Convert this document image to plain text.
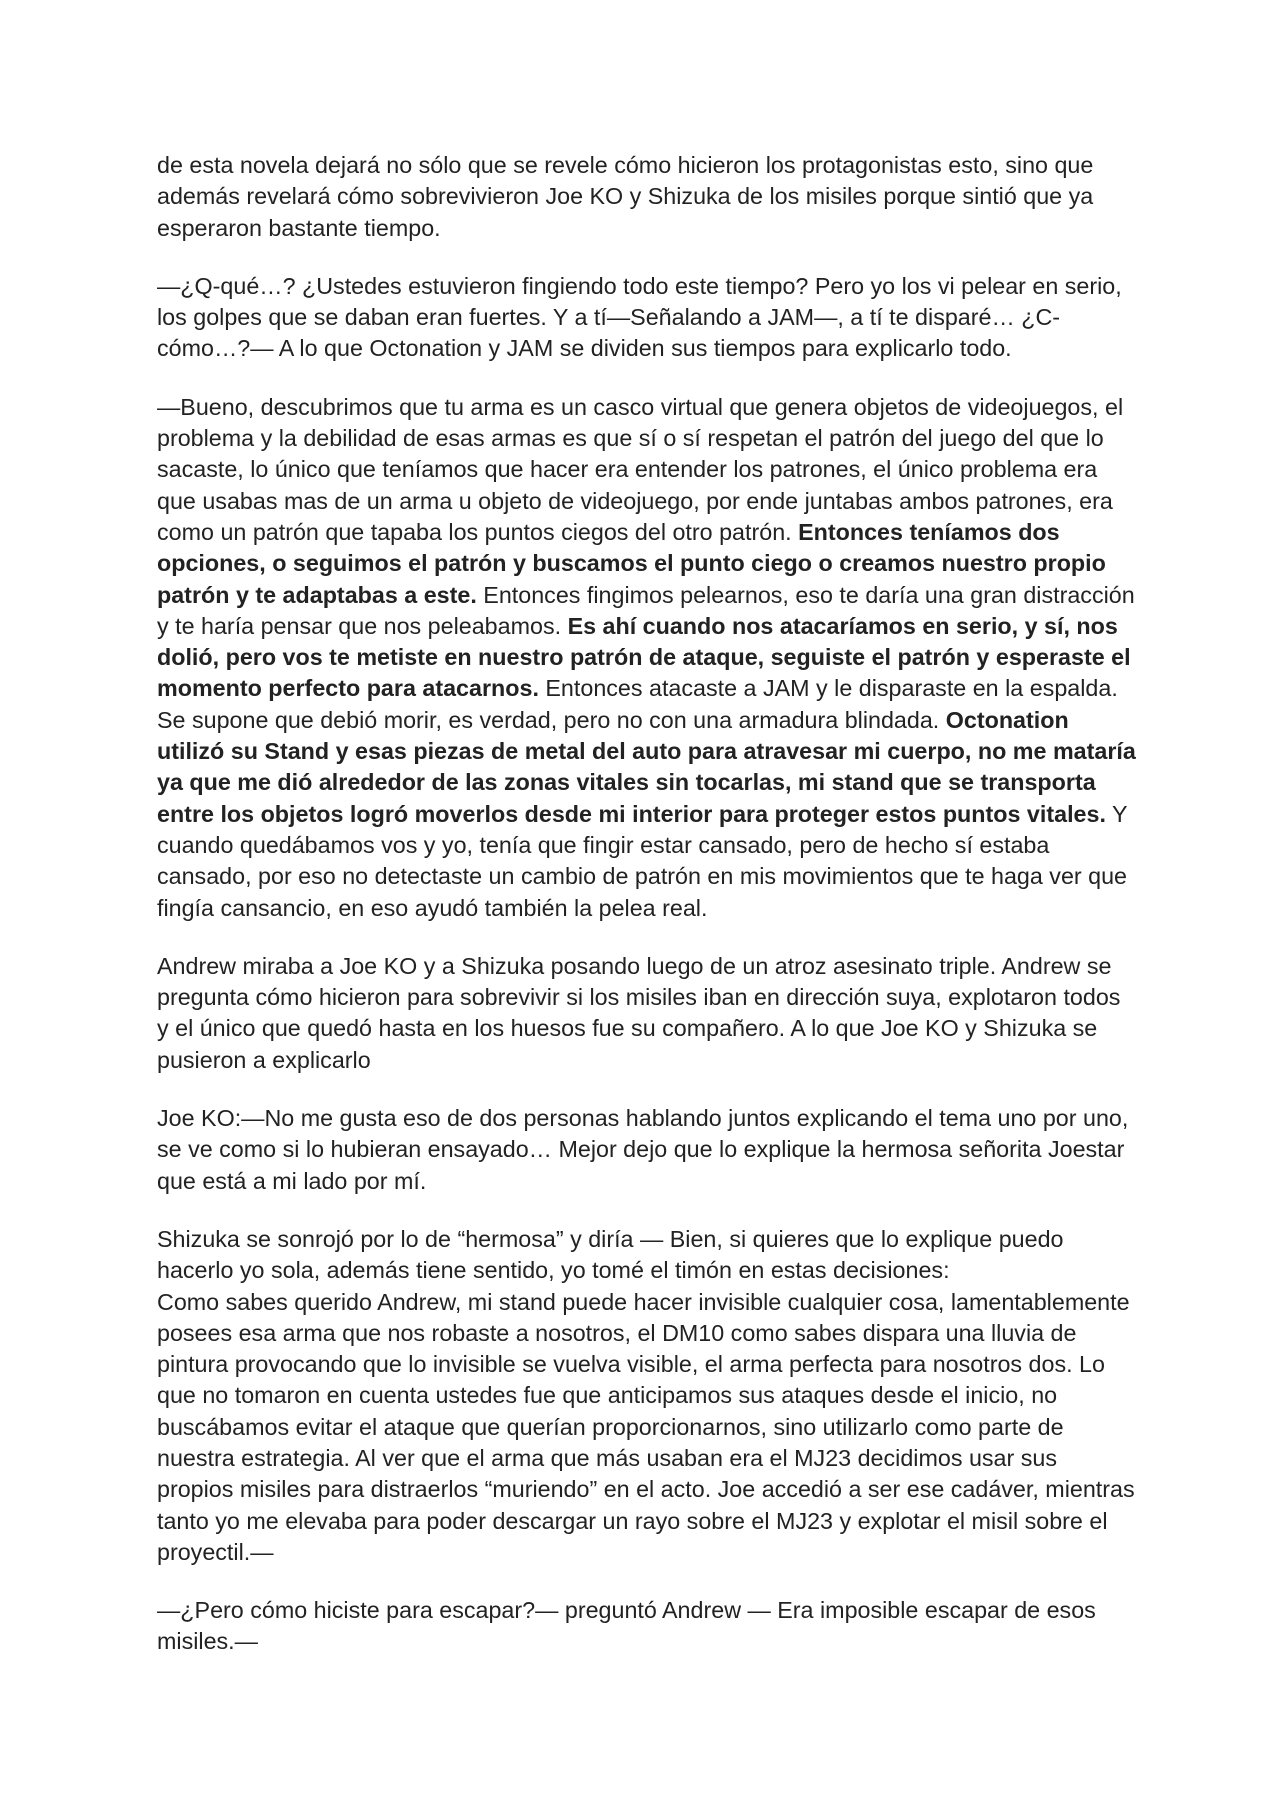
de esta novela dejará no sólo que se revele cómo hicieron los protagonistas esto, sino que además revelará cómo sobrevivieron Joe KO y Shizuka de los misiles porque sintió que ya esperaron bastante tiempo.

—¿Q-qué…? ¿Ustedes estuvieron fingiendo todo este tiempo? Pero yo los vi pelear en serio, los golpes que se daban eran fuertes. Y a tí—Señalando a JAM—, a tí te disparé… ¿C-cómo…?— A lo que Octonation y JAM se dividen sus tiempos para explicarlo todo.

—Bueno, descubrimos que tu arma es un casco virtual que genera objetos de videojuegos, el problema y la debilidad de esas armas es que sí o sí respetan el patrón del juego del que lo sacaste, lo único que teníamos que hacer era entender los patrones, el único problema era que usabas mas de un arma u objeto de videojuego, por ende juntabas ambos patrones, era como un patrón que tapaba los puntos ciegos del otro patrón. Entonces teníamos dos opciones, o seguimos el patrón y buscamos el punto ciego o creamos nuestro propio patrón y te adaptabas a este. Entonces fingimos pelearnos, eso te daría una gran distracción y te haría pensar que nos peleabamos. Es ahí cuando nos atacaríamos en serio, y sí, nos dolió, pero vos te metiste en nuestro patrón de ataque, seguiste el patrón y esperaste el momento perfecto para atacarnos. Entonces atacaste a JAM y le disparaste en la espalda. Se supone que debió morir, es verdad, pero no con una armadura blindada. Octonation utilizó su Stand y esas piezas de metal del auto para atravesar mi cuerpo, no me mataría ya que me dió alrededor de las zonas vitales sin tocarlas, mi stand que se transporta entre los objetos logró moverlos desde mi interior para proteger estos puntos vitales. Y cuando quedábamos vos y yo, tenía que fingir estar cansado, pero de hecho sí estaba cansado, por eso no detectaste un cambio de patrón en mis movimientos que te haga ver que fingía cansancio, en eso ayudó también la pelea real.

Andrew miraba a Joe KO y a Shizuka posando luego de un atroz asesinato triple. Andrew se pregunta cómo hicieron para sobrevivir si los misiles iban en dirección suya, explotaron todos y el único que quedó hasta en los huesos fue su compañero. A lo que Joe KO y Shizuka se pusieron a explicarlo

Joe KO:—No me gusta eso de dos personas hablando juntos explicando el tema uno por uno, se ve como si lo hubieran ensayado… Mejor dejo que lo explique la hermosa señorita Joestar que está a mi lado por mí.

Shizuka se sonrojó por lo de “hermosa” y diría — Bien, si quieres que lo explique puedo hacerlo yo sola, además tiene sentido, yo tomé el timón en estas decisiones:

Como sabes querido Andrew, mi stand puede hacer invisible cualquier cosa, lamentablemente posees esa arma que nos robaste a nosotros, el DM10 como sabes dispara una lluvia de pintura provocando que lo invisible se vuelva visible, el arma perfecta para nosotros dos. Lo que no tomaron en cuenta ustedes fue que anticipamos sus ataques desde el inicio, no buscábamos evitar el ataque que querían proporcionarnos, sino utilizarlo como parte de nuestra estrategia. Al ver que el arma que más usaban era el MJ23 decidimos usar sus propios misiles para distraerlos “muriendo” en el acto. Joe accedió a ser ese cadáver, mientras tanto yo me elevaba para poder descargar un rayo sobre el MJ23 y explotar el misil sobre el proyectil.—

—¿Pero cómo hiciste para escapar?— preguntó Andrew — Era imposible escapar de esos misiles.—
